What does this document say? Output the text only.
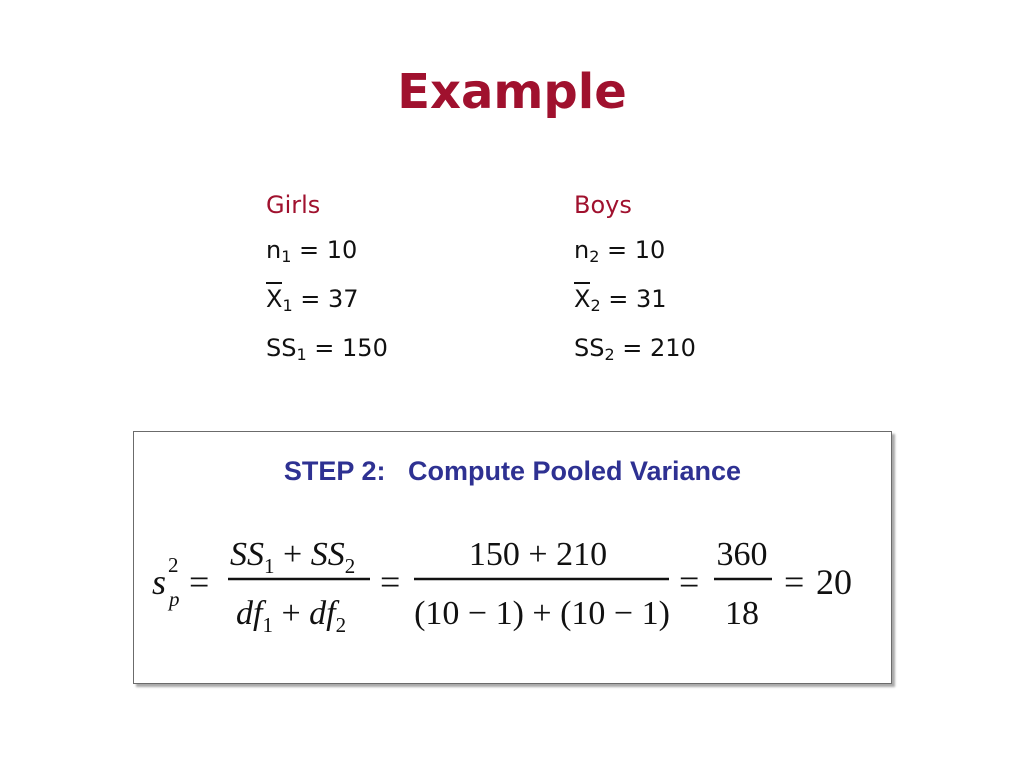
Example
Girls
$n_1 = 10$
$X_1 = 37$
$SS_1 = 150$
Boys
$n_2 = 10$
$X_2 = 31$
$SS_2 = 210$
STEP 2:   Compute Pooled Variance
s 2
p =
$SS_1 + SS_2$
$df_1 + df_2$
=
150 + 210
(10 − 1) + (10 − 1)
=
360
18
= 20
